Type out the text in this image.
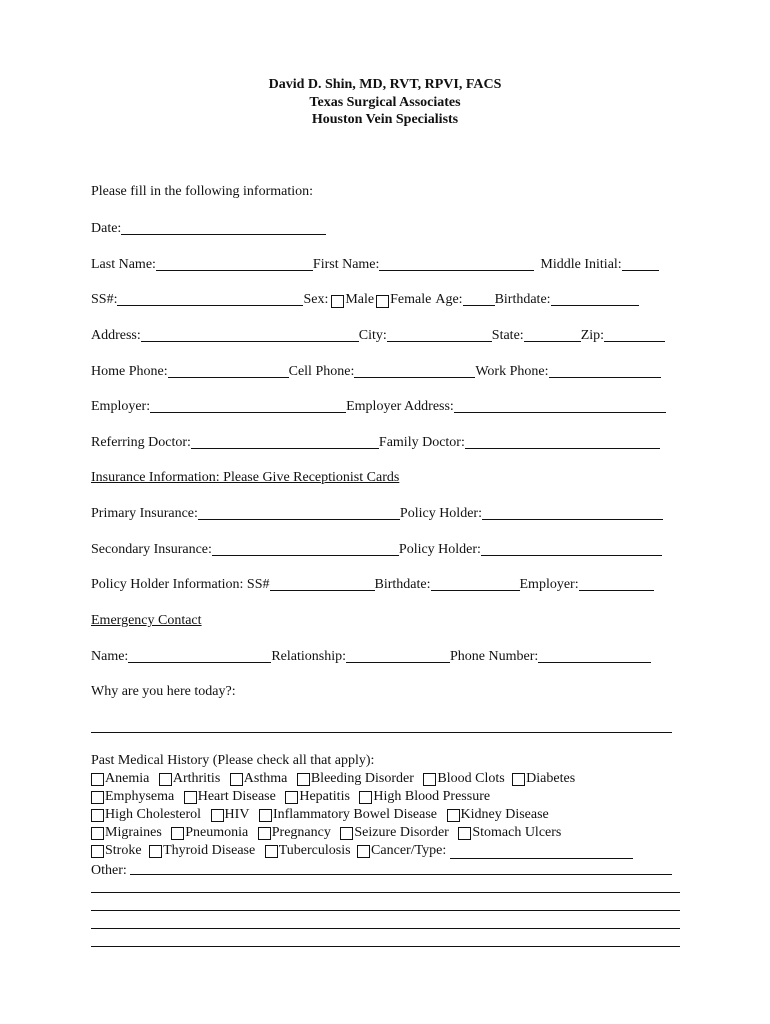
David D. Shin, MD, RVT, RPVI, FACS
Texas Surgical Associates
Houston Vein Specialists
Please fill in the following information:
Date:
Last Name:	First Name:	Middle Initial:
SS#:	Sex: Male Female Age: Birthdate:
Address:	City:	State:	Zip:
Home Phone:	Cell Phone:	Work Phone:
Employer:	Employer Address:
Referring Doctor:	Family Doctor:
Insurance Information: Please Give Receptionist Cards
Primary Insurance:	Policy Holder:
Secondary Insurance:	Policy Holder:
Policy Holder Information: SS#	Birthdate:	Employer:
Emergency Contact
Name:	Relationship:	Phone Number:
Why are you here today?:
Past Medical History (Please check all that apply):
Anemia
Arthritis
Asthma
Bleeding Disorder
Blood Clots
Diabetes
Emphysema
Heart Disease
Hepatitis
High Blood Pressure
High Cholesterol
HIV
Inflammatory Bowel Disease
Kidney Disease
Migraines
Pneumonia
Pregnancy
Seizure Disorder
Stomach Ulcers
Stroke
Thyroid Disease
Tuberculosis
Cancer/Type:

Other:
